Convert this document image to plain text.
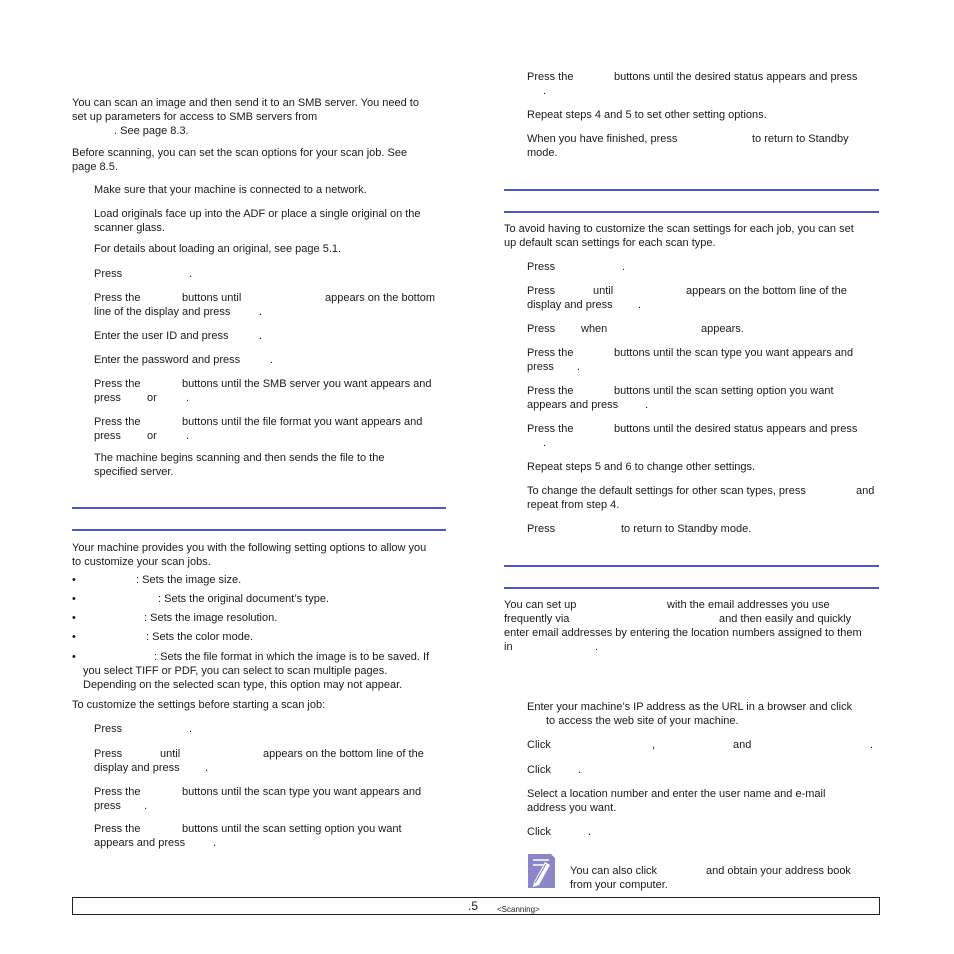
You can scan an image and then send it to an SMB server. You need to
set up parameters for access to SMB servers from
. See page 8.3.
Before scanning, you can set the scan options for your scan job. See
page 8.5.
Make sure that your machine is connected to a network.
Load originals face up into the ADF or place a single original on the
scanner glass.
For details about loading an original, see page 5.1.
Press	.
Press the	buttons until	appears on the bottom
line of the display and press	.
Enter the user ID and press	.
Enter the password and press	.
Press the	buttons until the SMB server you want appears and
press or	.
Press the	buttons until the file format you want appears and
press or	.
The machine begins scanning and then sends the file to the
specified server.
Your machine provides you with the following setting options to allow you
to customize your scan jobs.
•	: Sets the image size.
•	: Sets the original document’s type.
•	: Sets the image resolution.
•	: Sets the color mode.
•	: Sets the file format in which the image is to be saved. If
you select TIFF or PDF, you can select to scan multiple pages.
Depending on the selected scan type, this option may not appear.
To customize the settings before starting a scan job:
Press	.
Press	until	appears on the bottom line of the
display and press .
Press the	buttons until the scan type you want appears and
press .
Press the	buttons until the scan setting option you want
appears and press	.
Press the	buttons until the desired status appears and press
.
Repeat steps 4 and 5 to set other setting options.
When you have finished, press	to return to Standby
mode.
To avoid having to customize the scan settings for each job, you can set
up default scan settings for each scan type.
Press	.
Press	until	appears on the bottom line of the
display and press .
Press when	appears.
Press the	buttons until the scan type you want appears and
press .
Press the	buttons until the scan setting option you want
appears and press .
Press the	buttons until the desired status appears and press
.
Repeat steps 5 and 6 to change other settings.
To change the default settings for other scan types, press	and
repeat from step 4.
Press	to return to Standby mode.
You can set up	with the email addresses you use
frequently via	and then easily and quickly
enter email addresses by entering the location numbers assigned to them
in	.
Enter your machine’s IP address as the URL in a browser and click
to access the web site of your machine.
Click	,	and	.
Click .
Select a location number and enter the user name and e-mail
address you want.
Click	.
You can also click	and obtain your address book
from your computer.
.5 <Scanning>
